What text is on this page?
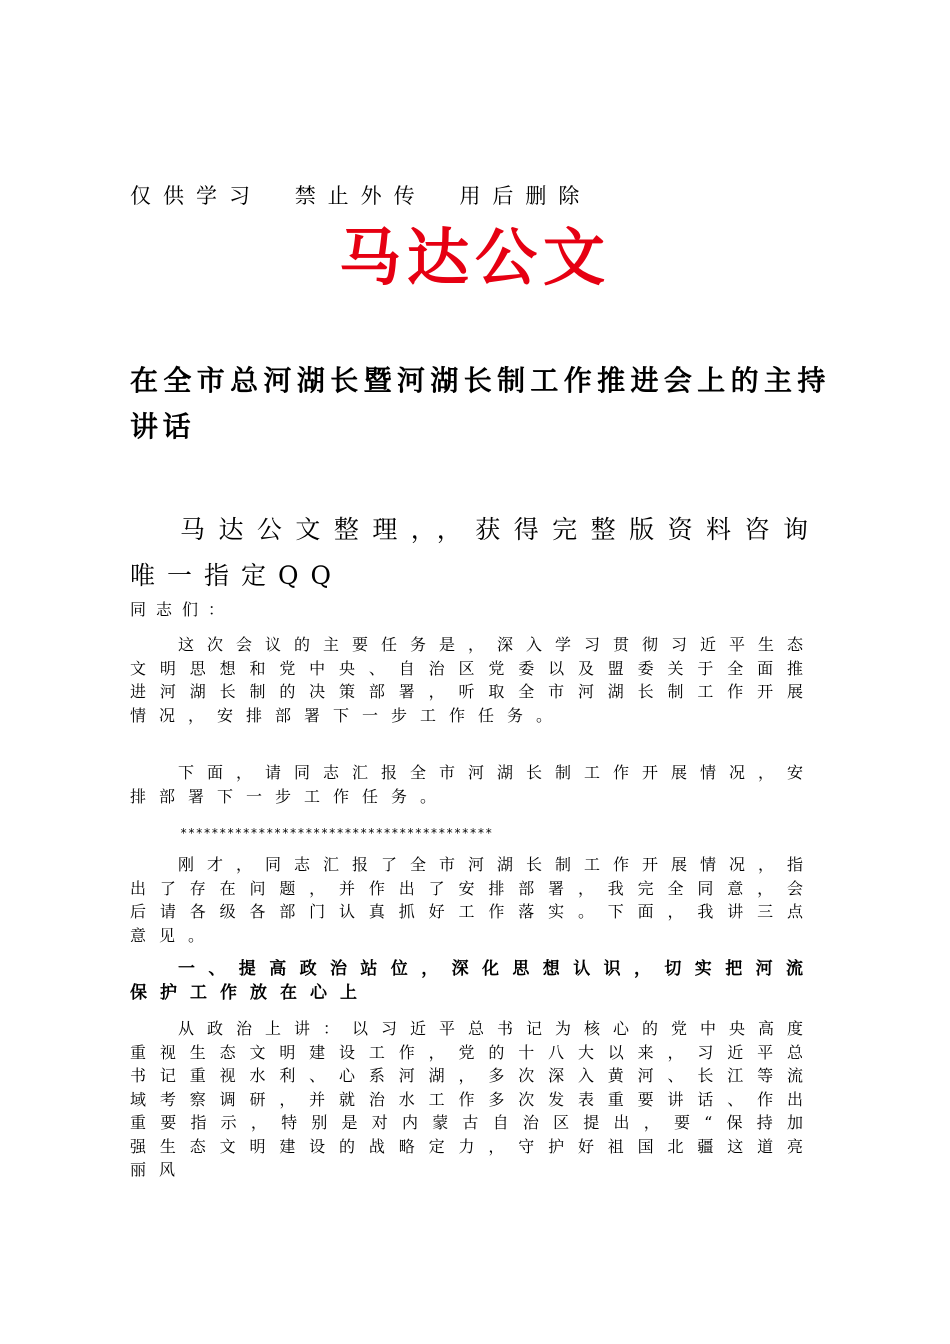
仅供学习 禁止外传 用后删除
马达公文
在全市总河湖长暨河湖长制工作推进会上的主持讲话
马达公文整理，，获得完整版资料咨询唯一指定QQ
同志们：
这次会议的主要任务是，深入学习贯彻习近平生态文明思想和党中央、自治区党委以及盟委关于全面推进河湖长制的决策部署，听取全市河湖长制工作开展情况，安排部署下一步工作任务。
下面，请同志汇报全市河湖长制工作开展情况，安排部署下一步工作任务。
****************************************
刚才，同志汇报了全市河湖长制工作开展情况，指出了存在问题，并作出了安排部署，我完全同意，会后请各级各部门认真抓好工作落实。下面，我讲三点意见。
一、提高政治站位，深化思想认识，切实把河流保护工作放在心上
从政治上讲：以习近平总书记为核心的党中央高度重视生态文明建设工作，党的十八大以来，习近平总书记重视水利、心系河湖，多次深入黄河、长江等流域考察调研，并就治水工作多次发表重要讲话、作出重要指示，特别是对内蒙古自治区提出，要“保持加强生态文明建设的战略定力，守护好祖国北疆这道亮丽风
